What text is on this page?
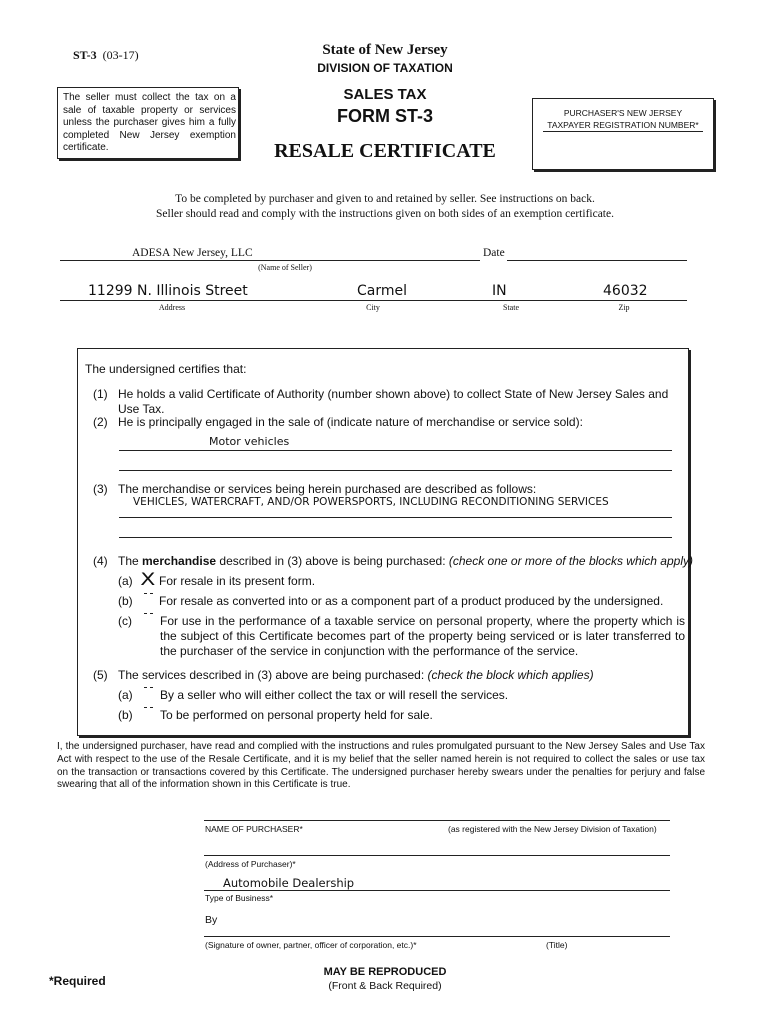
ST-3 (03-17)	State of New Jersey
DIVISION OF TAXATION
SALES TAX
FORM ST-3
RESALE CERTIFICATE
The seller must collect the tax on a sale of taxable property or services unless the purchaser gives him a fully completed New Jersey exemption certificate.
PURCHASER'S NEW JERSEY
TAXPAYER REGISTRATION NUMBER*
To be completed by purchaser and given to and retained by seller. See instructions on back.
Seller should read and comply with the instructions given on both sides of an exemption certificate.
ADESA New Jersey, LLC
(Name of Seller)
Date
11299 N. Illinois Street	Carmel	IN	46032
Address	City	State	Zip
The undersigned certifies that:
(1) He holds a valid Certificate of Authority (number shown above) to collect State of New Jersey Sales and Use Tax.
(2) He is principally engaged in the sale of (indicate nature of merchandise or service sold):
Motor vehicles
(3) The merchandise or services being herein purchased are described as follows:
VEHICLES, WATERCRAFT, AND/OR POWERSPORTS, INCLUDING RECONDITIONING SERVICES
(4) The merchandise described in (3) above is being purchased: (check one or more of the blocks which apply)
(a) X For resale in its present form.
(b) For resale as converted into or as a component part of a product produced by the undersigned.
(c) For use in the performance of a taxable service on personal property, where the property which is the subject of this Certificate becomes part of the property being serviced or is later transferred to the purchaser of the service in conjunction with the performance of the service.
(5) The services described in (3) above are being purchased: (check the block which applies)
(a) By a seller who will either collect the tax or will resell the services.
(b) To be performed on personal property held for sale.
I, the undersigned purchaser, have read and complied with the instructions and rules promulgated pursuant to the New Jersey Sales and Use Tax Act with respect to the use of the Resale Certificate, and it is my belief that the seller named herein is not required to collect the sales or use tax on the transaction or transactions covered by this Certificate. The undersigned purchaser hereby swears under the penalties for perjury and false swearing that all of the information shown in this Certificate is true.
NAME OF PURCHASER*	(as registered with the New Jersey Division of Taxation)
(Address of Purchaser)*
Automobile Dealership
Type of Business*
By
(Signature of owner, partner, officer of corporation, etc.)*	(Title)
*Required
MAY BE REPRODUCED
(Front & Back Required)
